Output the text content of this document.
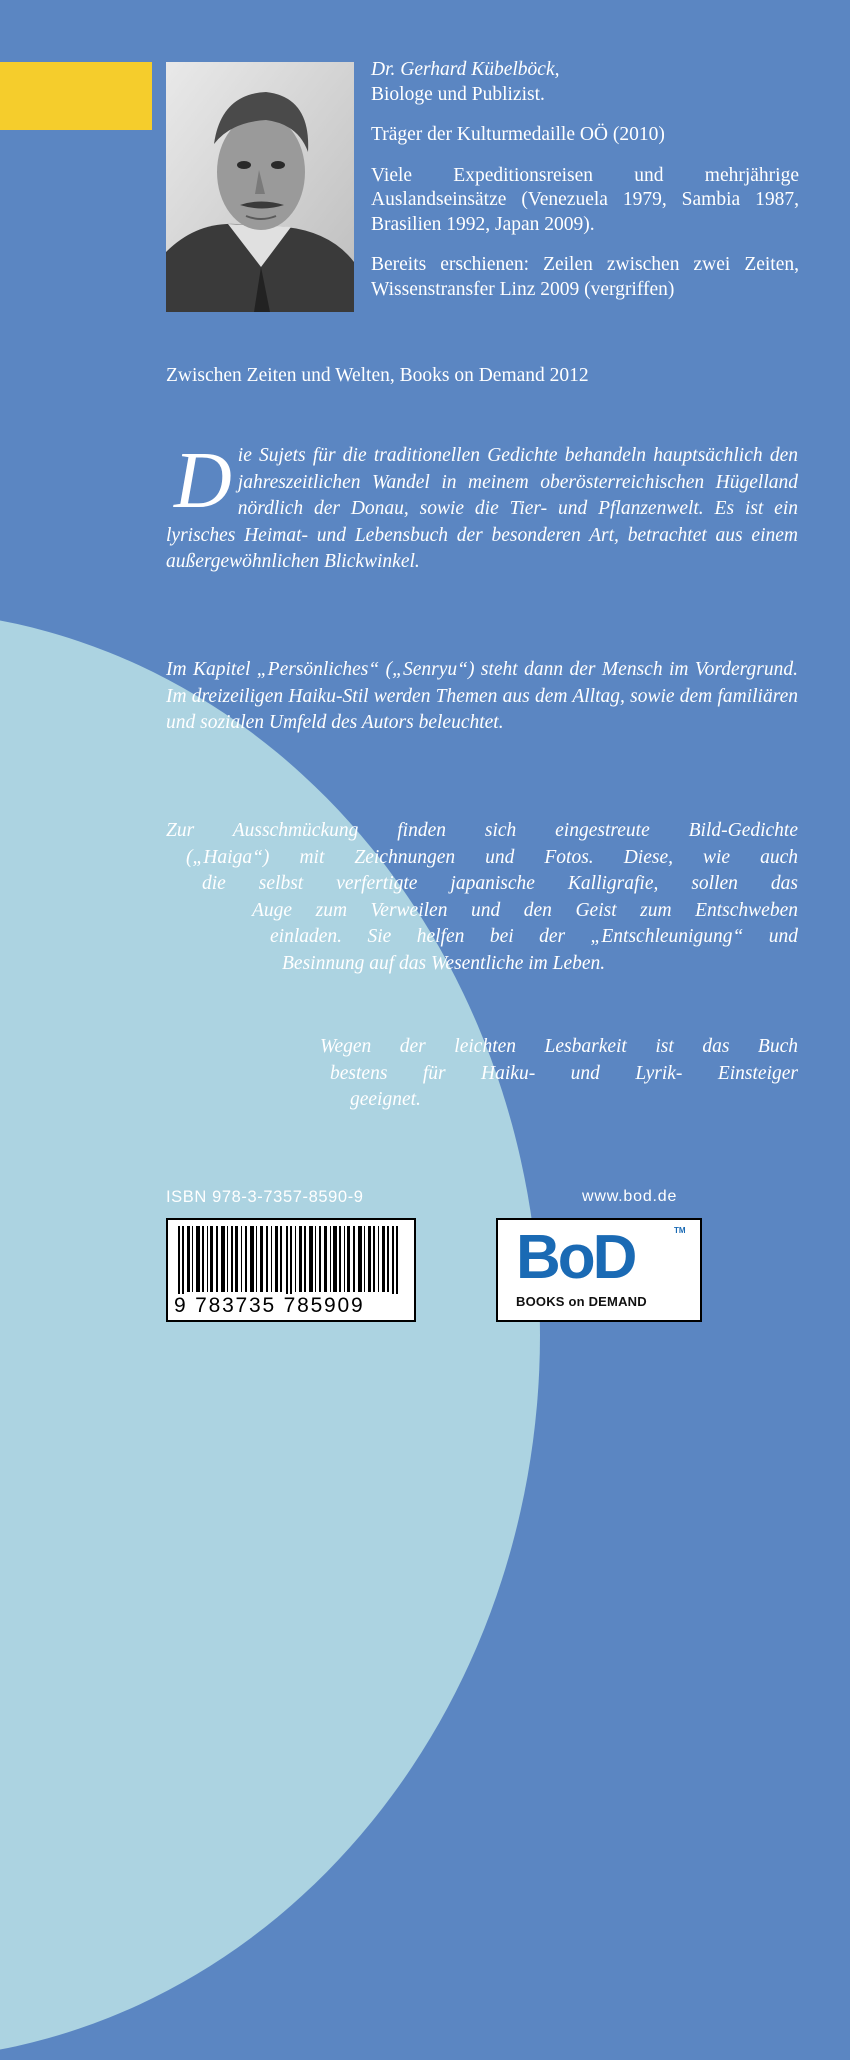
Dr. Gerhard Kübelböck,
Biologe und Publizist.

Träger der Kulturmedaille OÖ (2010)

Viele Expeditionsreisen und mehrjährige Auslandseinsätze (Venezuela 1979, Sambia 1987, Brasilien 1992, Japan 2009).

Bereits erschienen: Zeilen zwischen zwei Zeiten, Wissenstransfer Linz 2009 (vergriffen)

Zwischen Zeiten und Welten, Books on Demand 2012
D ie Sujets für die traditionellen Gedichte behandeln hauptsächlich den jahreszeitlichen Wandel in meinem oberösterreichischen Hügelland nördlich der Donau, sowie die Tier- und Pflanzenwelt. Es ist ein lyrisches Heimat- und Lebensbuch der besonderen Art, betrachtet aus einem außergewöhnlichen Blickwinkel.
Im Kapitel „Persönliches“ („Senryu“) steht dann der Mensch im Vordergrund. Im dreizeiligen Haiku-Stil werden Themen aus dem Alltag, sowie dem familiären und sozialen Umfeld des Autors beleuchtet.
Zur Ausschmückung finden sich eingestreute Bild-Gedichte
(„Haiga“) mit Zeichnungen und Fotos. Diese, wie auch
die selbst verfertigte japanische Kalligrafie, sollen das
Auge zum Verweilen und den Geist zum Entschweben
einladen. Sie helfen bei der „Entschleunigung“ und
Besinnung auf das Wesentliche im Leben.
Wegen der leichten Lesbarkeit ist das Buch
bestens für Haiku- und Lyrik- Einsteiger
geeignet.
ISBN 978-3-7357-8590-9
9 783735 785909
www.bod.de
BoD	TM
BOOKS on DEMAND
